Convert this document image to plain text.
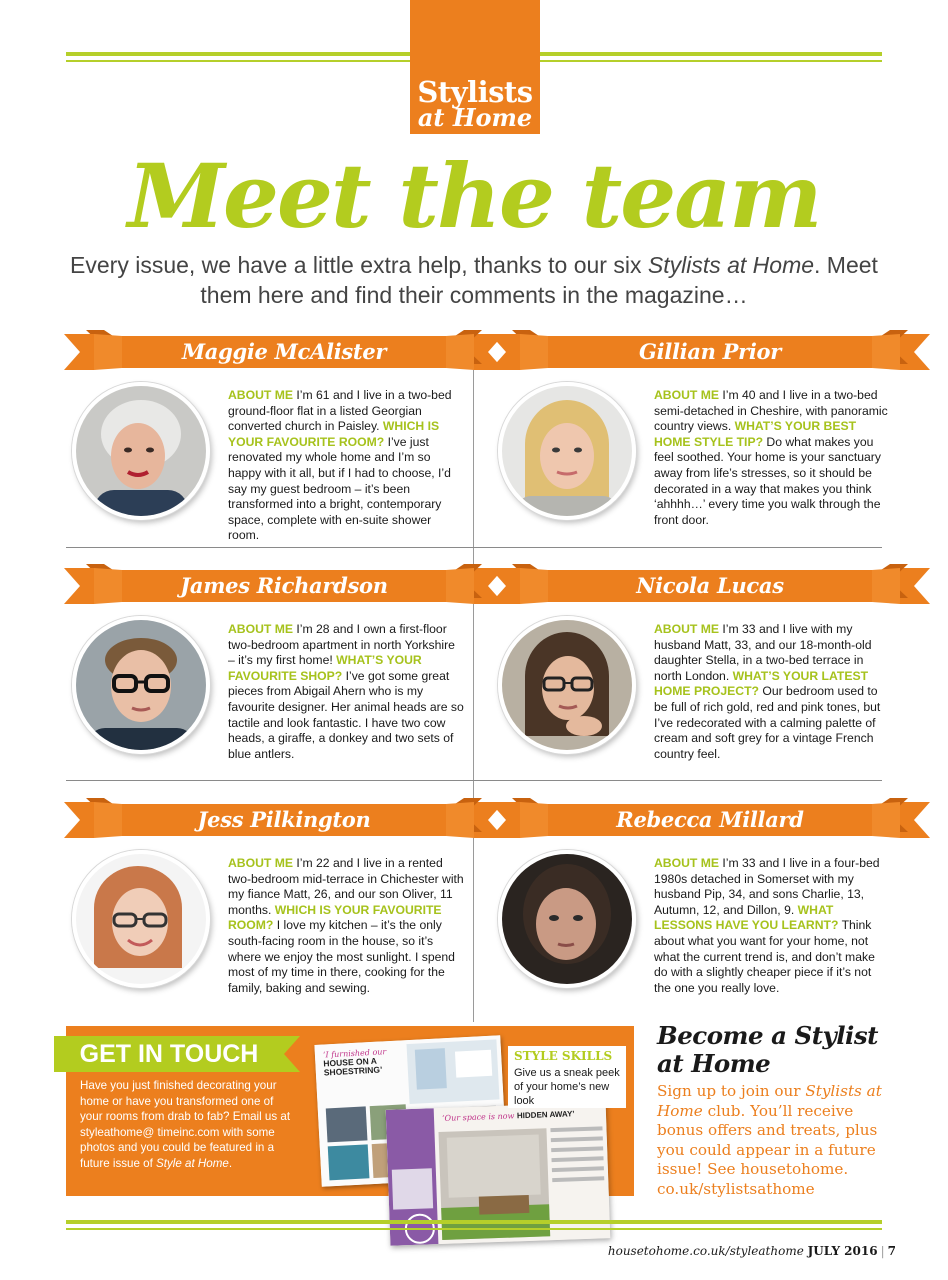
Stylists
at Home
Meet the team

Every issue, we have a little extra help, thanks to our six Stylists at Home. Meet them here and find their comments in the magazine…

Maggie McAlister

ABOUT ME I’m 61 and I live in a two-bed ground-floor flat in a listed Georgian converted church in Paisley. WHICH IS YOUR FAVOURITE ROOM? I’ve just renovated my whole home and I’m so happy with it all, but if I had to choose, I’d say my guest bedroom – it’s been transformed into a bright, contemporary space, complete with en-suite shower room.

Gillian Prior

ABOUT ME I’m 40 and I live in a two-bed semi-detached in Cheshire, with panoramic country views. WHAT’S YOUR BEST HOME STYLE TIP? Do what makes you feel soothed. Your home is your sanctuary away from life’s stresses, so it should be decorated in a way that makes you think ‘ahhhh…’ every time you walk through the front door.

James Richardson

ABOUT ME I’m 28 and I own a first-floor two-bedroom apartment in north Yorkshire – it’s my first home! WHAT’S YOUR FAVOURITE SHOP? I’ve got some great pieces from Abigail Ahern who is my favourite designer. Her animal heads are so tactile and look fantastic. I have two cow heads, a giraffe, a donkey and two sets of blue antlers.

Nicola Lucas

ABOUT ME I’m 33 and I live with my husband Matt, 33, and our 18-month-old daughter Stella, in a two-bed terrace in north London. WHAT’S YOUR LATEST HOME PROJECT? Our bedroom used to be full of rich gold, red and pink tones, but I’ve redecorated with a calming palette of cream and soft grey for a vintage French country feel.

Jess Pilkington

ABOUT ME I’m 22 and I live in a rented two-bedroom mid-terrace in Chichester with my fiance Matt, 26, and our son Oliver, 11 months. WHICH IS YOUR FAVOURITE ROOM? I love my kitchen – it’s the only south-facing room in the house, so it’s where we enjoy the most sunlight. I spend most of my time in there, cooking for the family, baking and sewing.

Rebecca Millard

ABOUT ME I’m 33 and I live in a four-bed 1980s detached in Somerset with my husband Pip, 34, and sons Charlie, 13, Autumn, 12, and Dillon, 9. WHAT LESSONS HAVE YOU LEARNT? Think about what you want for your home, not what the current trend is, and don’t make do with a slightly cheaper piece if it’s not the one you really love.

GET IN TOUCH

Have you just finished decorating your home or have you transformed one of your rooms from drab to fab? Email us at styleathome@ timeinc.com with some photos and you could be featured in a future issue of Style at Home.

‘I furnished our
HOUSE ON A SHOESTRING’
‘Our space is now HIDDEN AWAY’
STYLE SKILLS

Give us a sneak peek of your home’s new look

Become a Stylist at Home

Sign up to join our Stylists at Home club. You’ll receive bonus offers and treats, plus you could appear in a future issue! See housetohome. co.uk/stylistsathome

housetohome.co.uk/styleathome JULY 2016 | 7
